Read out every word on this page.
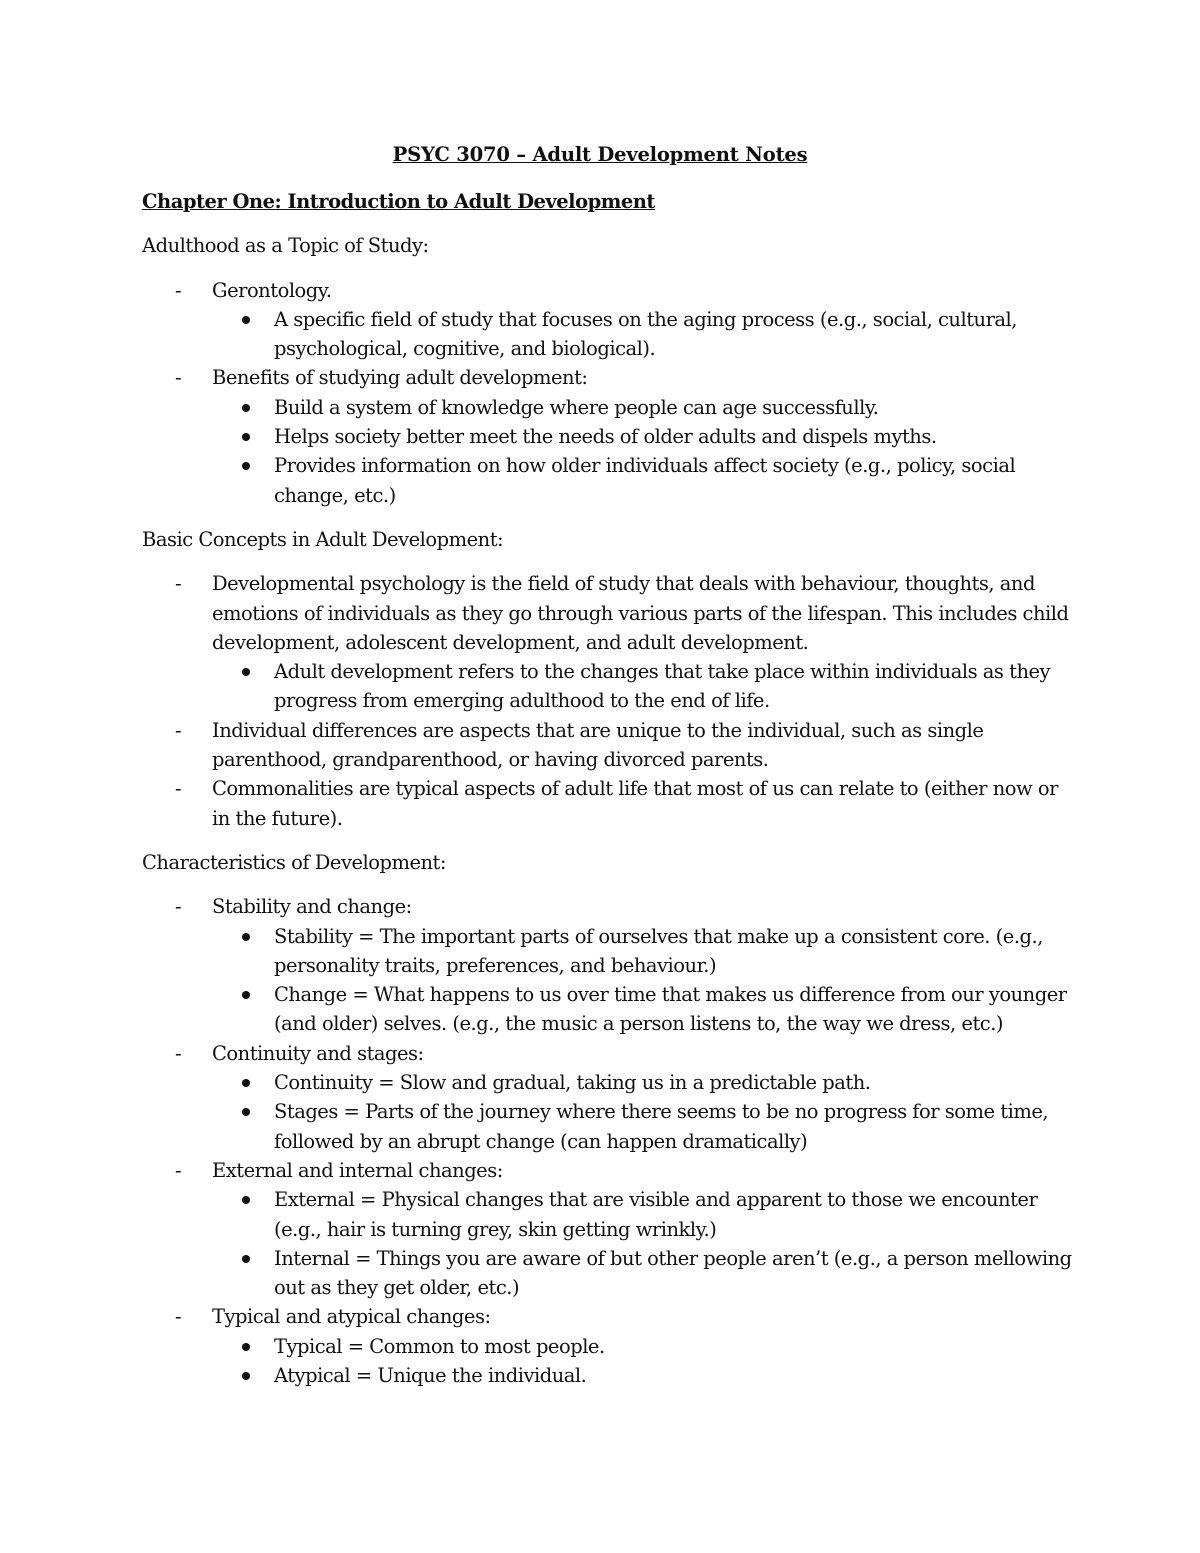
PSYC 3070 – Adult Development Notes
Chapter One: Introduction to Adult Development
Adulthood as a Topic of Study:
- Gerontology.
A specific field of study that focuses on the aging process (e.g., social, cultural, psychological, cognitive, and biological).
- Benefits of studying adult development:
Build a system of knowledge where people can age successfully.
Helps society better meet the needs of older adults and dispels myths.
Provides information on how older individuals affect society (e.g., policy, social change, etc.)
Basic Concepts in Adult Development:
- Developmental psychology is the field of study that deals with behaviour, thoughts, and emotions of individuals as they go through various parts of the lifespan. This includes child development, adolescent development, and adult development.
Adult development refers to the changes that take place within individuals as they progress from emerging adulthood to the end of life.
- Individual differences are aspects that are unique to the individual, such as single parenthood, grandparenthood, or having divorced parents.
- Commonalities are typical aspects of adult life that most of us can relate to (either now or in the future).
Characteristics of Development:
- Stability and change:
Stability = The important parts of ourselves that make up a consistent core. (e.g., personality traits, preferences, and behaviour.)
Change = What happens to us over time that makes us difference from our younger (and older) selves. (e.g., the music a person listens to, the way we dress, etc.)
- Continuity and stages:
Continuity = Slow and gradual, taking us in a predictable path.
Stages = Parts of the journey where there seems to be no progress for some time, followed by an abrupt change (can happen dramatically)
- External and internal changes:
External = Physical changes that are visible and apparent to those we encounter (e.g., hair is turning grey, skin getting wrinkly.)
Internal = Things you are aware of but other people aren’t (e.g., a person mellowing out as they get older, etc.)
- Typical and atypical changes:
Typical = Common to most people.
Atypical = Unique the individual.
